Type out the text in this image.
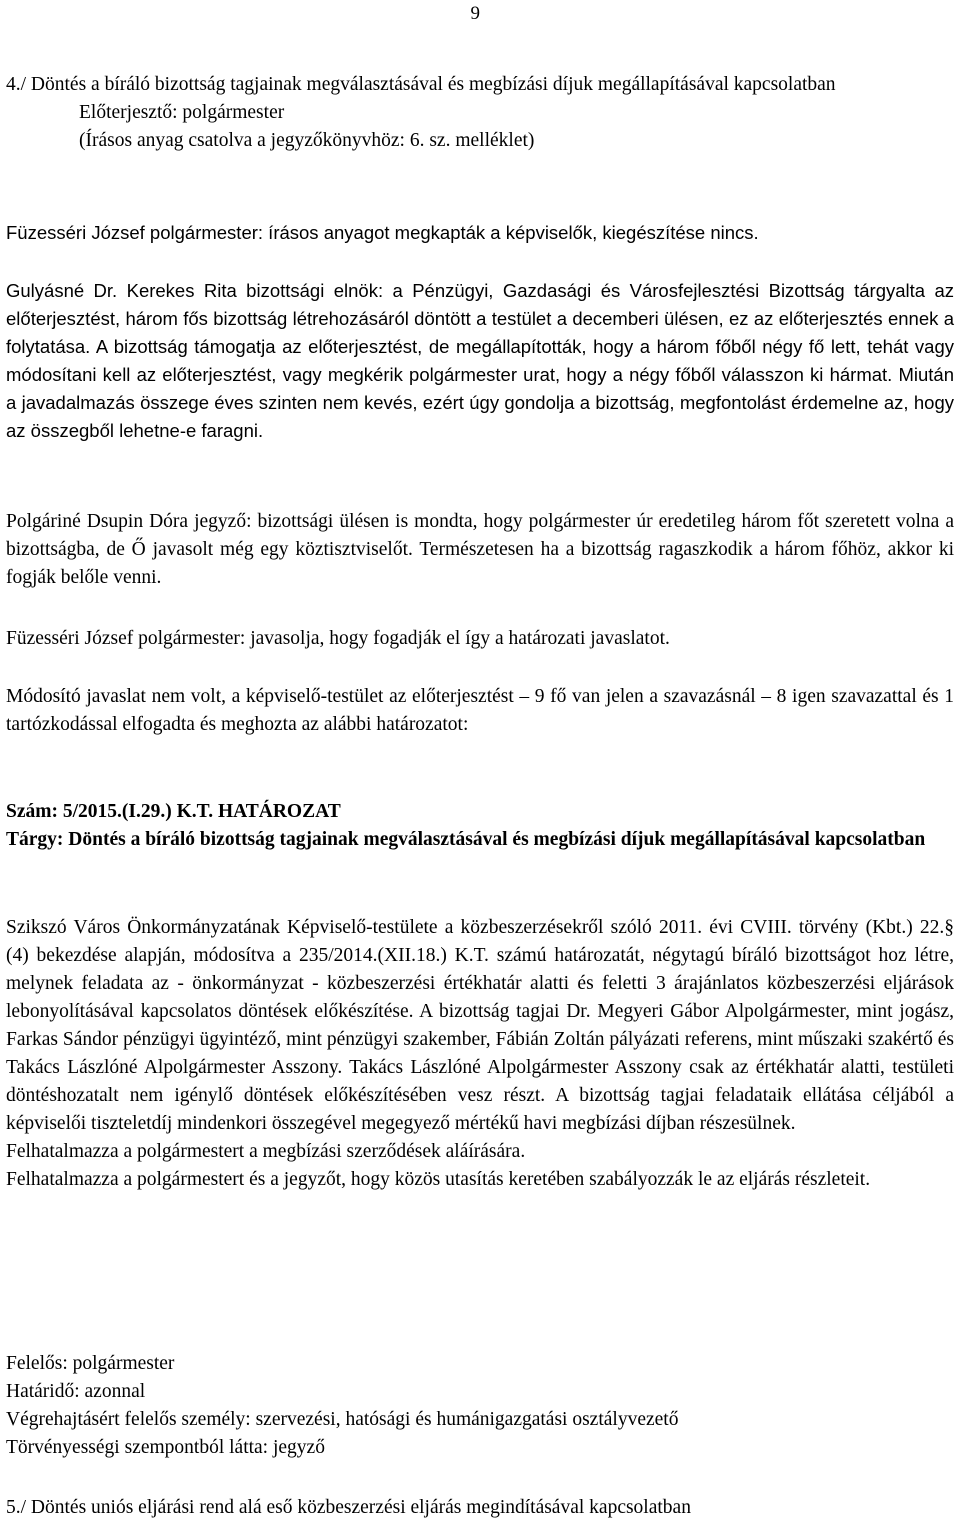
9

4./ Döntés a bíráló bizottság tagjainak megválasztásával és megbízási díjuk megállapításával kapcsolatban

Előterjesztő: polgármester

(Írásos anyag csatolva a jegyzőkönyvhöz: 6. sz. melléklet)

Füzesséri József polgármester: írásos anyagot megkapták a képviselők, kiegészítése nincs.

Gulyásné Dr. Kerekes Rita bizottsági elnök: a Pénzügyi, Gazdasági és Városfejlesztési Bizottság tárgyalta az előterjesztést, három fős bizottság létrehozásáról döntött a testület a decemberi ülésen, ez az előterjesztés ennek a folytatása. A bizottság támogatja az előterjesztést, de megállapították, hogy a három főből négy fő lett, tehát vagy módosítani kell az előterjesztést, vagy megkérik polgármester urat, hogy a négy főből válasszon ki hármat. Miután a javadalmazás összege éves szinten nem kevés, ezért úgy gondolja a bizottság, megfontolást érdemelne az, hogy az összegből lehetne-e faragni.

Polgáriné Dsupin Dóra jegyző: bizottsági ülésen is mondta, hogy polgármester úr eredetileg három főt szeretett volna a bizottságba, de Ő javasolt még egy köztisztviselőt. Természetesen ha a bizottság ragaszkodik a három főhöz, akkor ki fogják belőle venni.

Füzesséri József polgármester: javasolja, hogy fogadják el így a határozati javaslatot.

Módosító javaslat nem volt, a képviselő-testület az előterjesztést – 9 fő van jelen a szavazásnál – 8 igen szavazattal és 1 tartózkodással elfogadta és meghozta az alábbi határozatot:

Szám: 5/2015.(I.29.) K.T. HATÁROZAT

Tárgy: Döntés a bíráló bizottság tagjainak megválasztásával és megbízási díjuk megállapításával kapcsolatban

Szikszó Város Önkormányzatának Képviselő-testülete a közbeszerzésekről szóló 2011. évi CVIII. törvény (Kbt.) 22.§ (4) bekezdése alapján, módosítva a 235/2014.(XII.18.) K.T. számú határozatát, négytagú bíráló bizottságot hoz létre, melynek feladata az - önkormányzat - közbeszerzési értékhatár alatti és feletti 3 árajánlatos közbeszerzési eljárások lebonyolításával kapcsolatos döntések előkészítése. A bizottság tagjai Dr. Megyeri Gábor Alpolgármester, mint jogász, Farkas Sándor pénzügyi ügyintéző, mint pénzügyi szakember, Fábián Zoltán pályázati referens, mint műszaki szakértő és Takács Lászlóné Alpolgármester Asszony. Takács Lászlóné Alpolgármester Asszony csak az értékhatár alatti, testületi döntéshozatalt nem igénylő döntések előkészítésében vesz részt. A bizottság tagjai feladataik ellátása céljából a képviselői tiszteletdíj mindenkori összegével megegyező mértékű havi megbízási díjban részesülnek.

Felhatalmazza a polgármestert a megbízási szerződések aláírására.

Felhatalmazza a polgármestert és a jegyzőt, hogy közös utasítás keretében szabályozzák le az eljárás részleteit.

Felelős: polgármester

Határidő: azonnal

Végrehajtásért felelős személy: szervezési, hatósági és humánigazgatási osztályvezető

Törvényességi szempontból látta: jegyző

5./ Döntés uniós eljárási rend alá eső közbeszerzési eljárás megindításával kapcsolatban
